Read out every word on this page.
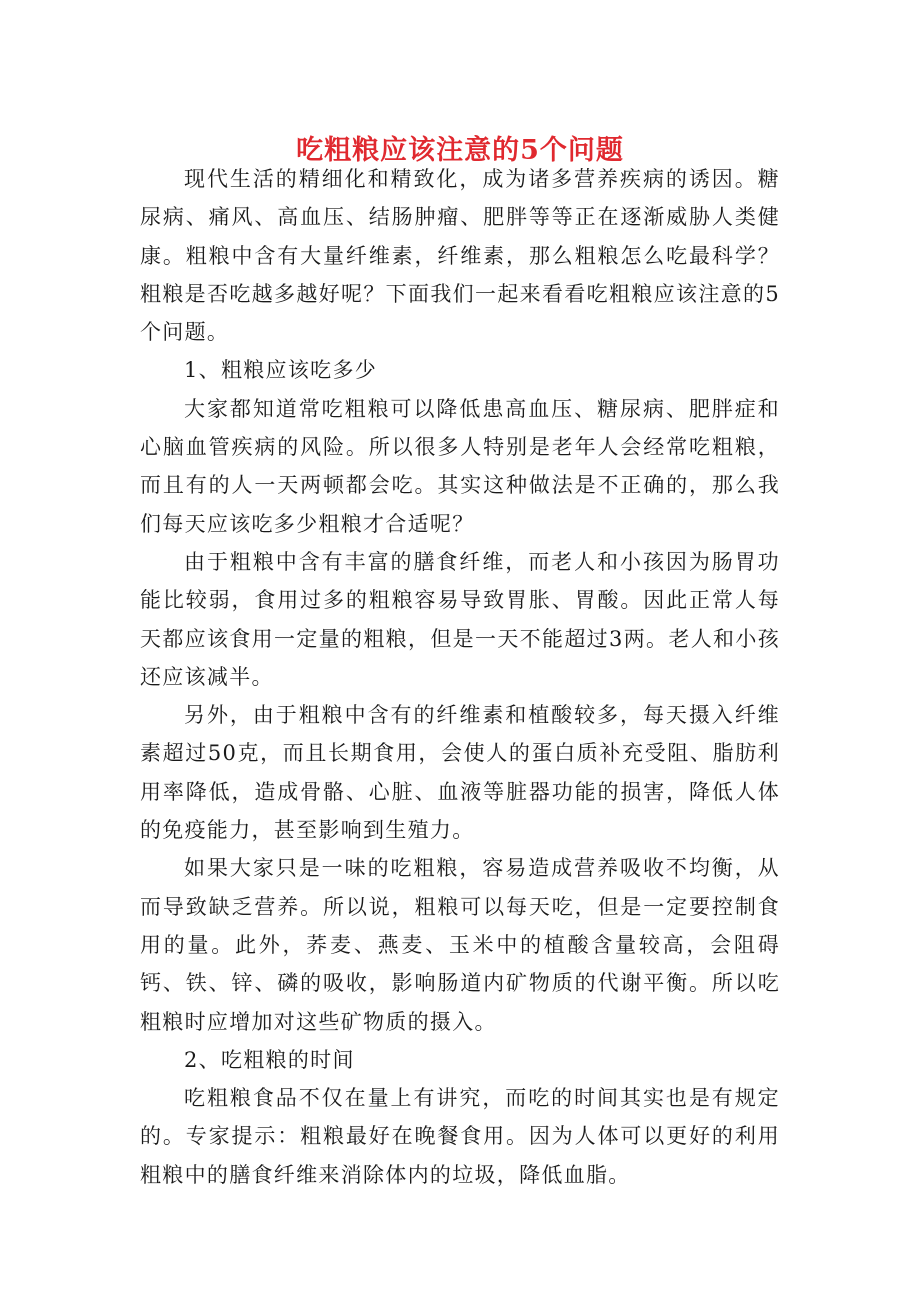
吃粗粮应该注意的5个问题

现代生活的精细化和精致化，成为诸多营养疾病的诱因。糖尿病、痛风、高血压、结肠肿瘤、肥胖等等正在逐渐威胁人类健康。粗粮中含有大量纤维素，纤维素，那么粗粮怎么吃最科学？粗粮是否吃越多越好呢？下面我们一起来看看吃粗粮应该注意的5个问题。

1、粗粮应该吃多少

大家都知道常吃粗粮可以降低患高血压、糖尿病、肥胖症和心脑血管疾病的风险。所以很多人特别是老年人会经常吃粗粮，而且有的人一天两顿都会吃。其实这种做法是不正确的，那么我们每天应该吃多少粗粮才合适呢？

由于粗粮中含有丰富的膳食纤维，而老人和小孩因为肠胃功能比较弱，食用过多的粗粮容易导致胃胀、胃酸。因此正常人每天都应该食用一定量的粗粮，但是一天不能超过3两。老人和小孩还应该减半。

另外，由于粗粮中含有的纤维素和植酸较多，每天摄入纤维素超过50克，而且长期食用，会使人的蛋白质补充受阻、脂肪利用率降低，造成骨骼、心脏、血液等脏器功能的损害，降低人体的免疫能力，甚至影响到生殖力。

如果大家只是一味的吃粗粮，容易造成营养吸收不均衡，从而导致缺乏营养。所以说，粗粮可以每天吃，但是一定要控制食用的量。此外，荞麦、燕麦、玉米中的植酸含量较高，会阻碍钙、铁、锌、磷的吸收，影响肠道内矿物质的代谢平衡。所以吃粗粮时应增加对这些矿物质的摄入。

2、吃粗粮的时间

吃粗粮食品不仅在量上有讲究，而吃的时间其实也是有规定的。专家提示：粗粮最好在晚餐食用。因为人体可以更好的利用粗粮中的膳食纤维来消除体内的垃圾，降低血脂。
